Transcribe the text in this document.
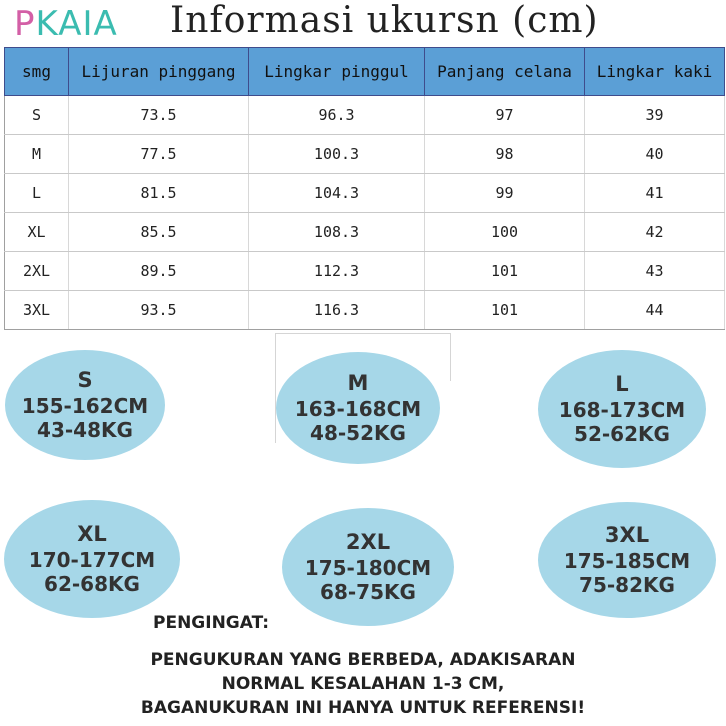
PKAIA Informasi ukursn (cm)
smg	Lijuran pinggang	Lingkar pinggul	Panjang celana	Lingkar kaki
S	73.5	96.3	97	39
M	77.5	100.3	98	40
L	81.5	104.3	99	41
XL	85.5	108.3	100	42
2XL	89.5	112.3	101	43
3XL	93.5	116.3	101	44
S
155-162CM
43-48KG
M
163-168CM
48-52KG
L
168-173CM
52-62KG
XL
170-177CM
62-68KG
2XL
175-180CM
68-75KG
3XL
175-185CM
75-82KG
PENGINGAT:
PENGUKURAN YANG BERBEDA, ADAKISARAN
NORMAL KESALAHAN 1-3 CM,
BAGANUKURAN INI HANYA UNTUK REFERENSI!
